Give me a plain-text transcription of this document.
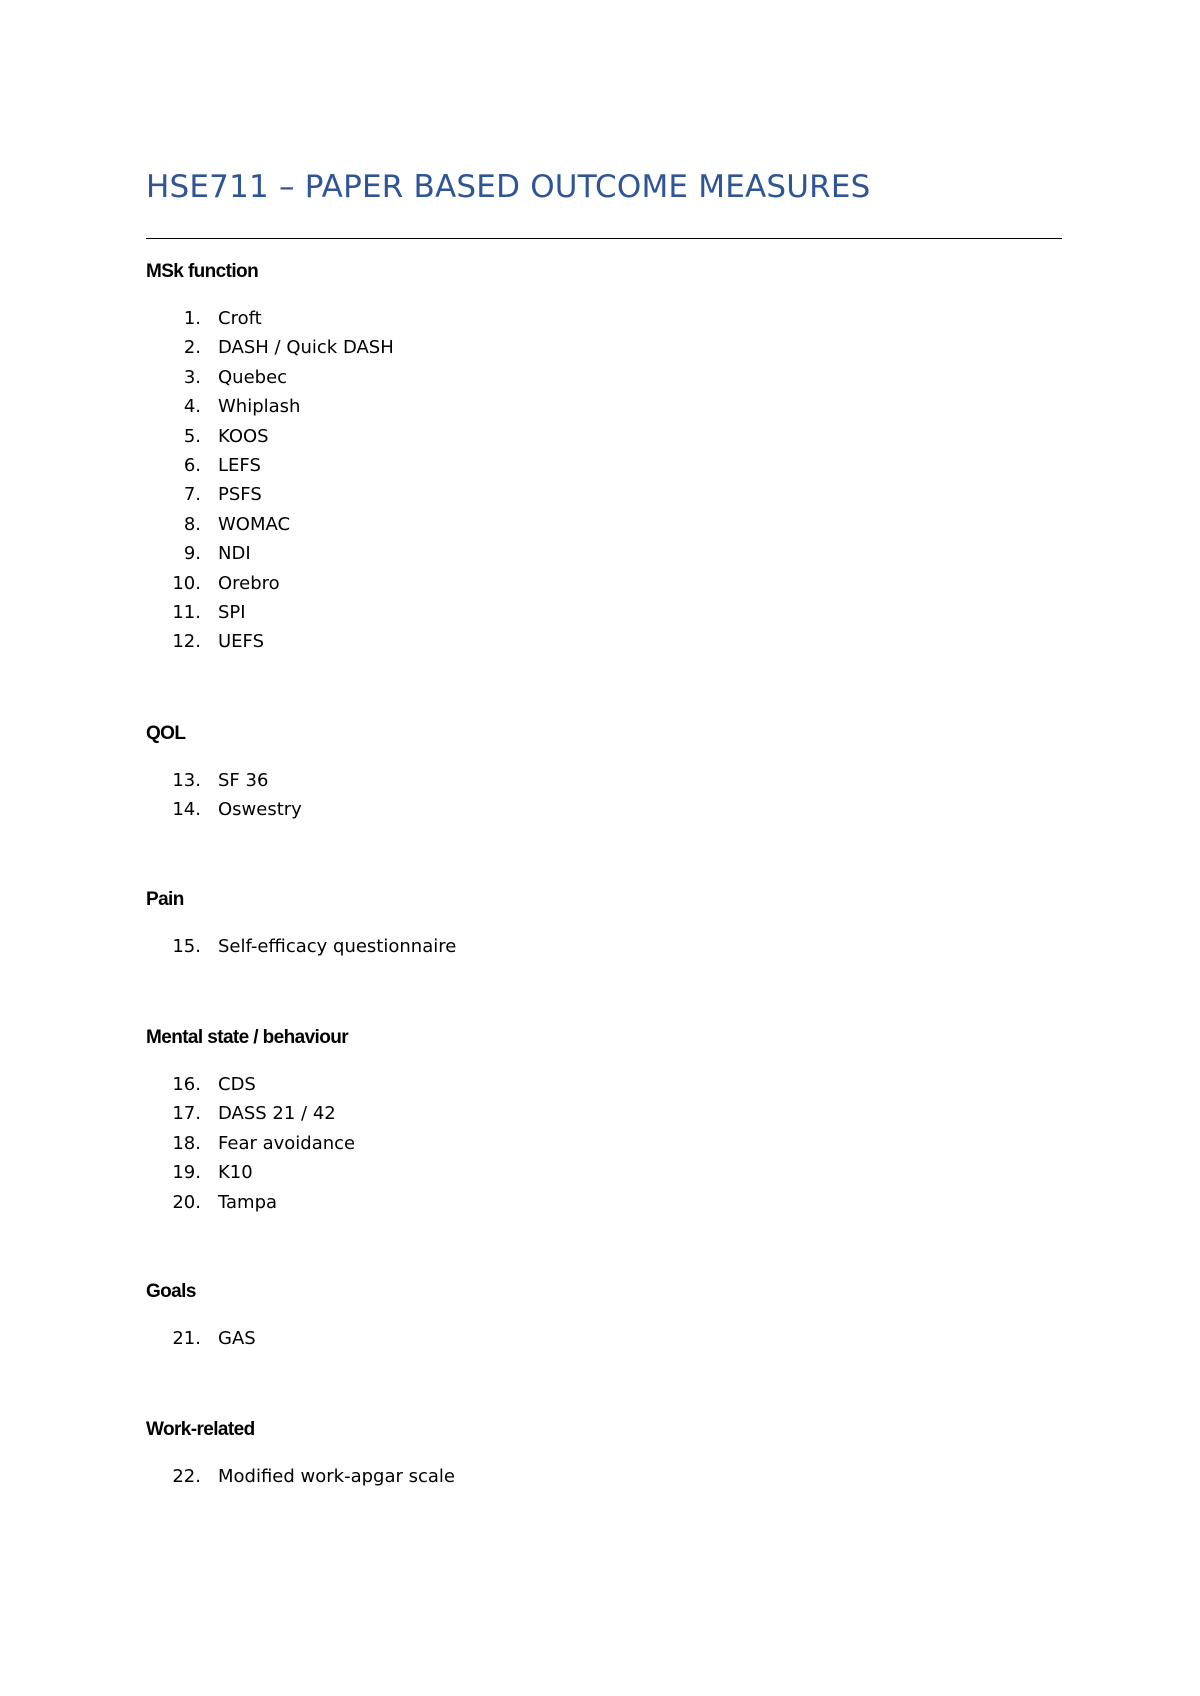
HSE711 – PAPER BASED OUTCOME MEASURES
MSk function
1. Croft
2. DASH / Quick DASH
3. Quebec
4. Whiplash
5. KOOS
6. LEFS
7. PSFS
8. WOMAC
9. NDI
10. Orebro
11. SPI
12. UEFS
QOL
13. SF 36
14. Oswestry
Pain
15. Self-efficacy questionnaire
Mental state / behaviour
16. CDS
17. DASS 21 / 42
18. Fear avoidance
19. K10
20. Tampa
Goals
21. GAS
Work-related
22. Modified work-apgar scale
